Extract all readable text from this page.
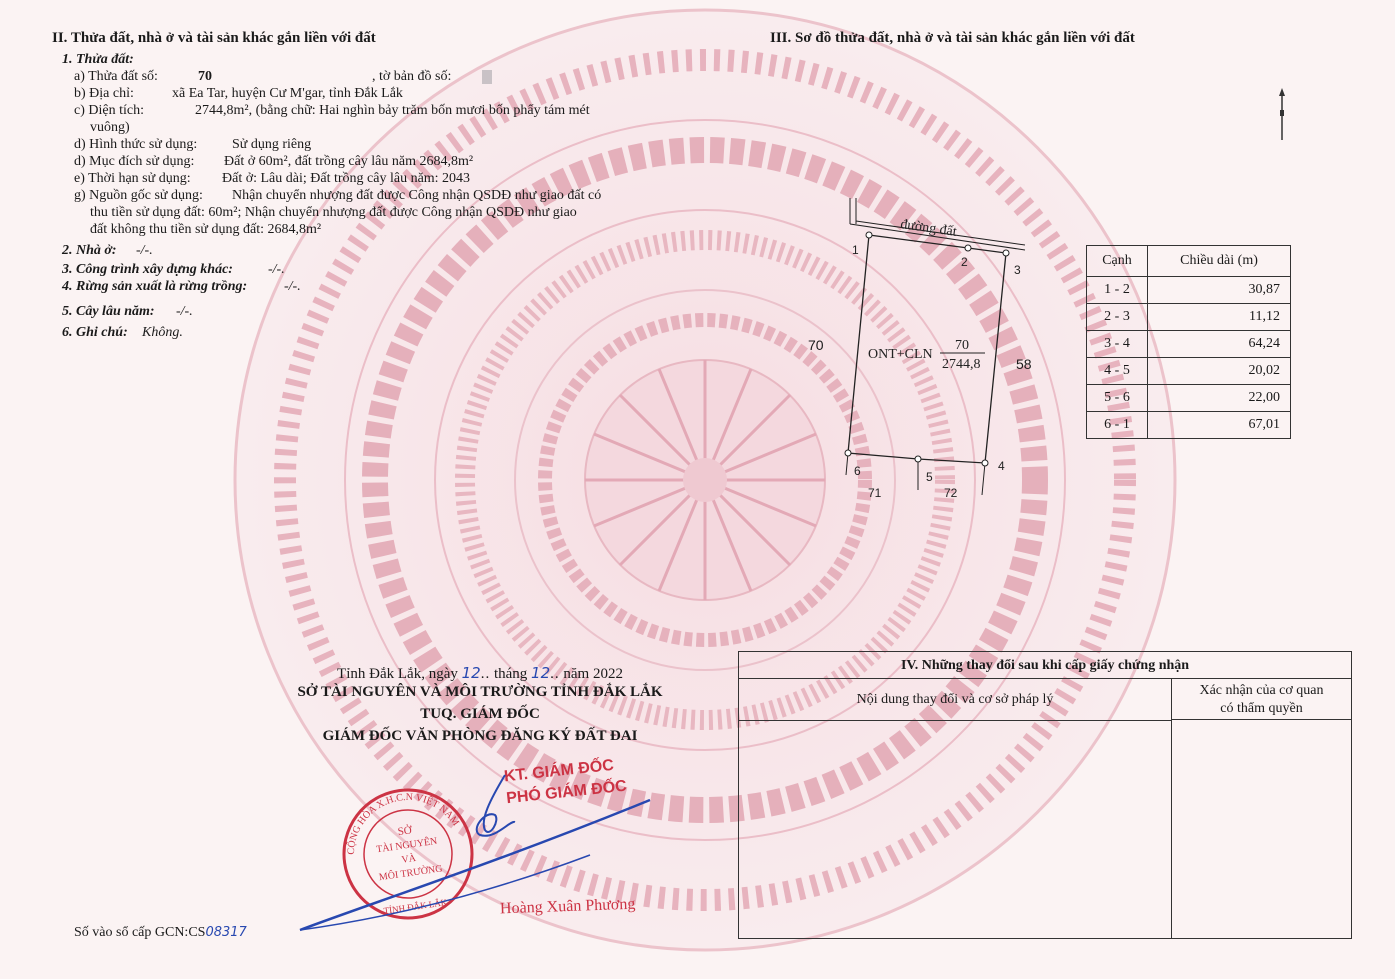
II. Thửa đất, nhà ở và tài sản khác gắn liền với đất
1. Thửa đất:
a) Thửa đất số:	70	, tờ bản đồ số:
b) Địa chỉ:	xã Ea Tar, huyện Cư M'gar, tỉnh Đắk Lắk
c) Diện tích:	2744,8m², (bằng chữ: Hai nghìn bảy trăm bốn mươi bốn phẩy tám mét
vuông)
d) Hình thức sử dụng: Sử dụng riêng
d) Mục đích sử dụng: Đất ở 60m², đất trồng cây lâu năm 2684,8m²
e) Thời hạn sử dụng: Đất ở: Lâu dài; Đất trồng cây lâu năm: 2043
g) Nguồn gốc sử dụng: Nhận chuyển nhượng đất được Công nhận QSDĐ như giao đất có
thu tiền sử dụng đất: 60m²; Nhận chuyển nhượng đất được Công nhận QSDĐ như giao
đất không thu tiền sử dụng đất: 2684,8m²
2. Nhà ở: -/-.
3. Công trình xây dựng khác:	-/-.
4. Rừng sản xuất là rừng trồng:	-/-.
5. Cây lâu năm: -/-.
6. Ghi chú: Không.
III. Sơ đồ thửa đất, nhà ở và tài sản khác gắn liền với đất
đường đất
1
2
3
4
5
6
71	72
ONT+CLN
70
2744,8
70
58
Cạnh	Chiều dài (m)
1 - 2	30,87
2 - 3	11,12
3 - 4	64,24
4 - 5	20,02
5 - 6	22,00
6 - 1	67,01
IV. Những thay đổi sau khi cấp giấy chứng nhận
Nội dung thay đổi và cơ sở pháp lý
Xác nhận của cơ quan
có thẩm quyền
Tỉnh Đắk Lắk, ngày 12.. tháng 12.. năm 2022
SỞ TÀI NGUYÊN VÀ MÔI TRƯỜNG TỈNH ĐẮK LẮK
TUQ. GIÁM ĐỐC
GIÁM ĐỐC VĂN PHÒNG ĐĂNG KÝ ĐẤT ĐAI
KT. GIÁM ĐỐC
PHÓ GIÁM ĐỐC
CỘNG HÒA X.H.C.N VIỆT NAM
SỞ
TÀI NGUYÊN
VÀ
MÔI TRƯỜNG
TỈNH ĐẮK LẮK	Hoàng Xuân Phương
Số vào sổ cấp GCN:CS08317
